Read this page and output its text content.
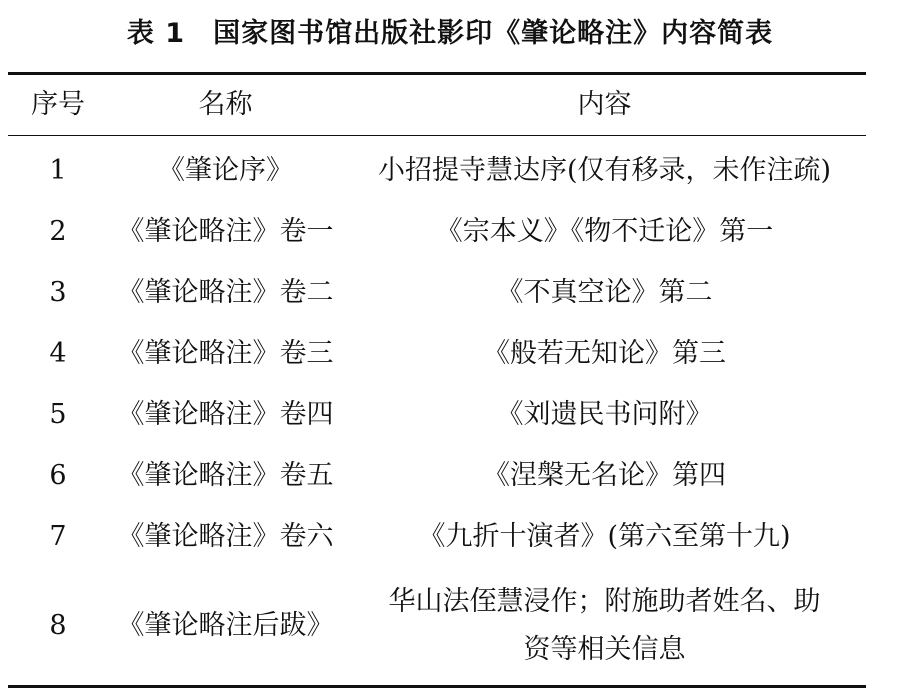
表 1 国家图书馆出版社影印《肇论略注》内容简表
序号	名称	内容
1	《肇论序》	小招提寺慧达序(仅有移录，未作注疏)
2	《肇论略注》卷一	《宗本义》《物不迁论》第一
3	《肇论略注》卷二	《不真空论》第二
4	《肇论略注》卷三	《般若无知论》第三
5	《肇论略注》卷四	《刘遗民书问附》
6	《肇论略注》卷五	《涅槃无名论》第四
7	《肇论略注》卷六	《九折十演者》(第六至第十九)
8	《肇论略注后跋》	华山法侄慧浸作；附施助者姓名、助资等相关信息
